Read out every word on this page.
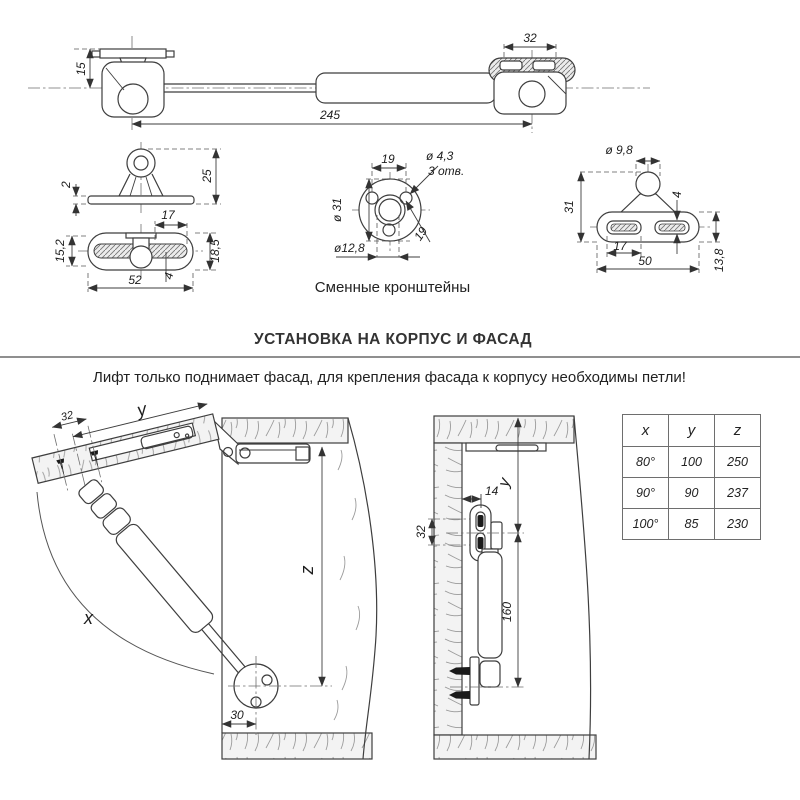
15
32
245
25
2
17
15,2	18,5
52 4
19	ø 4,3
3 отв.
ø 31
ø12,8
19
ø 9,8
31
4
17
50	13,8
32	y
z
30
x
14
32
y
160
УСТАНОВКА НА КОРПУС И ФАСАД
Лифт только поднимает фасад, для крепления фасада к корпусу необходимы петли!
Сменные кронштейны
x	y	z
80°	100	250
90°	90	237
100°	85	230
